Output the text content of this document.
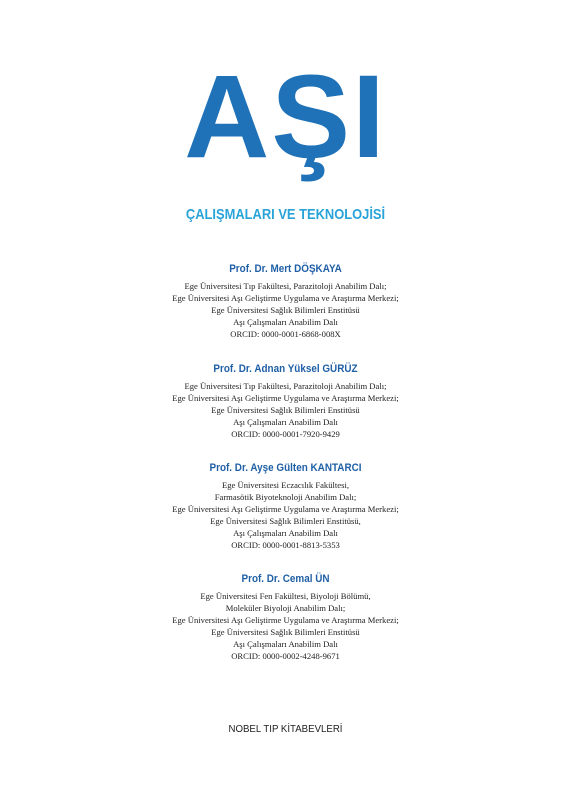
AŞI
ÇALIŞMALARI VE TEKNOLOJİSİ

Prof. Dr. Mert DÖŞKAYA

Ege Üniversitesi Tıp Fakültesi, Parazitoloji Anabilim Dalı;

Ege Üniversitesi Aşı Geliştirme Uygulama ve Araştırma Merkezi;

Ege Üniversitesi Sağlık Bilimleri Enstitüsü

Aşı Çalışmaları Anabilim Dalı

ORCID: 0000-0001-6868-008X

Prof. Dr. Adnan Yüksel GÜRÜZ

Ege Üniversitesi Tıp Fakültesi, Parazitoloji Anabilim Dalı;

Ege Üniversitesi Aşı Geliştirme Uygulama ve Araştırma Merkezi;

Ege Üniversitesi Sağlık Bilimleri Enstitüsü

Aşı Çalışmaları Anabilim Dalı

ORCID: 0000-0001-7920-9429

Prof. Dr. Ayşe Gülten KANTARCI

Ege Üniversitesi Eczacılık Fakültesi,

Farmasötik Biyoteknoloji Anabilim Dalı;

Ege Üniversitesi Aşı Geliştirme Uygulama ve Araştırma Merkezi;

Ege Üniversitesi Sağlık Bilimleri Enstitüsü,

Aşı Çalışmaları Anabilim Dalı

ORCID: 0000-0001-8813-5353

Prof. Dr. Cemal ÜN

Ege Üniversitesi Fen Fakültesi, Biyoloji Bölümü,

Moleküler Biyoloji Anabilim Dalı;

Ege Üniversitesi Aşı Geliştirme Uygulama ve Araştırma Merkezi;

Ege Üniversitesi Sağlık Bilimleri Enstitüsü

Aşı Çalışmaları Anabilim Dalı

ORCID: 0000-0002-4248-9671

NOBEL TIP KİTABEVLERİ
